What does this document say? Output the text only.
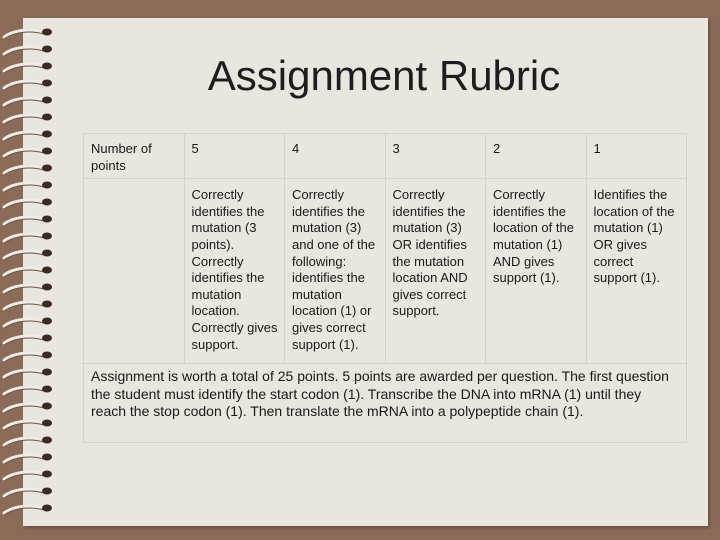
Assignment Rubric
Number of points	5	4	3	2	1
	Correctly identifies the mutation (3 points). Correctly identifies the mutation location. Correctly gives support.	Correctly identifies the mutation (3) and one of the following: identifies the mutation location (1) or gives correct support (1).	Correctly identifies the mutation (3) OR identifies the mutation location AND gives correct support.	Correctly identifies the location of the mutation (1) AND gives support (1).	Identifies the location of the mutation (1) OR gives correct support (1).
Assignment is worth a total of 25 points. 5 points are awarded per question. The first question the student must identify the start codon (1). Transcribe the DNA into mRNA (1) until they reach the stop codon (1). Then translate the mRNA into a polypeptide chain (1).					
